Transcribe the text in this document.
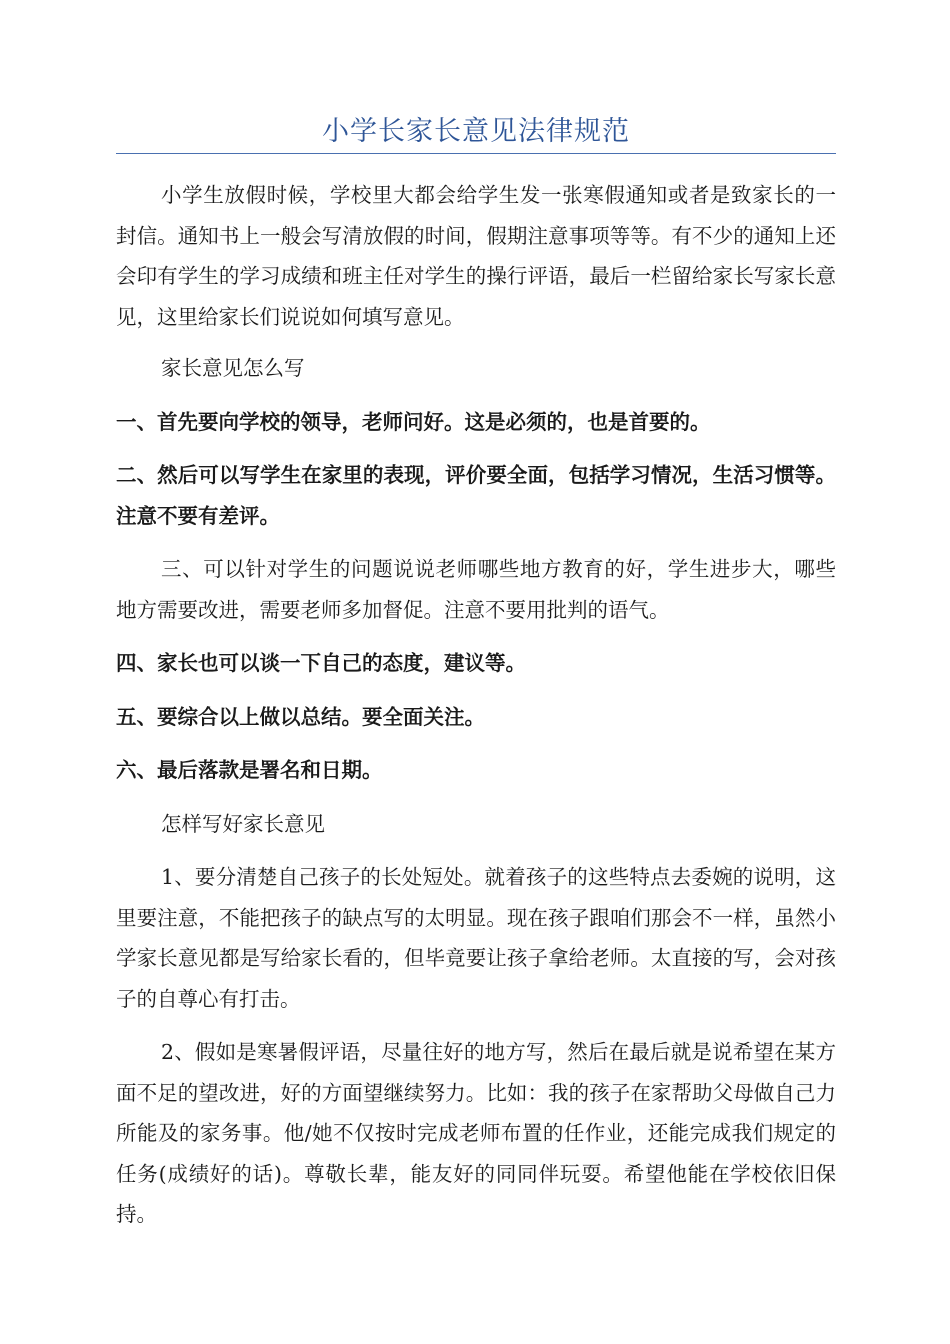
小学长家长意见法律规范

小学生放假时候，学校里大都会给学生发一张寒假通知或者是致家长的一封信。通知书上一般会写清放假的时间，假期注意事项等等。有不少的通知上还会印有学生的学习成绩和班主任对学生的操行评语，最后一栏留给家长写家长意见，这里给家长们说说如何填写意见。

家长意见怎么写

一、首先要向学校的领导，老师问好。这是必须的，也是首要的。

二、然后可以写学生在家里的表现，评价要全面，包括学习情况，生活习惯等。注意不要有差评。

三、可以针对学生的问题说说老师哪些地方教育的好，学生进步大，哪些地方需要改进，需要老师多加督促。注意不要用批判的语气。

四、家长也可以谈一下自己的态度，建议等。

五、要综合以上做以总结。要全面关注。

六、最后落款是署名和日期。

怎样写好家长意见

1、要分清楚自己孩子的长处短处。就着孩子的这些特点去委婉的说明，这里要注意，不能把孩子的缺点写的太明显。现在孩子跟咱们那会不一样，虽然小学家长意见都是写给家长看的，但毕竟要让孩子拿给老师。太直接的写，会对孩子的自尊心有打击。

2、假如是寒暑假评语，尽量往好的地方写，然后在最后就是说希望在某方面不足的望改进，好的方面望继续努力。比如：我的孩子在家帮助父母做自己力所能及的家务事。他/她不仅按时完成老师布置的任作业，还能完成我们规定的任务(成绩好的话)。尊敬长辈，能友好的同同伴玩耍。希望他能在学校依旧保持。
